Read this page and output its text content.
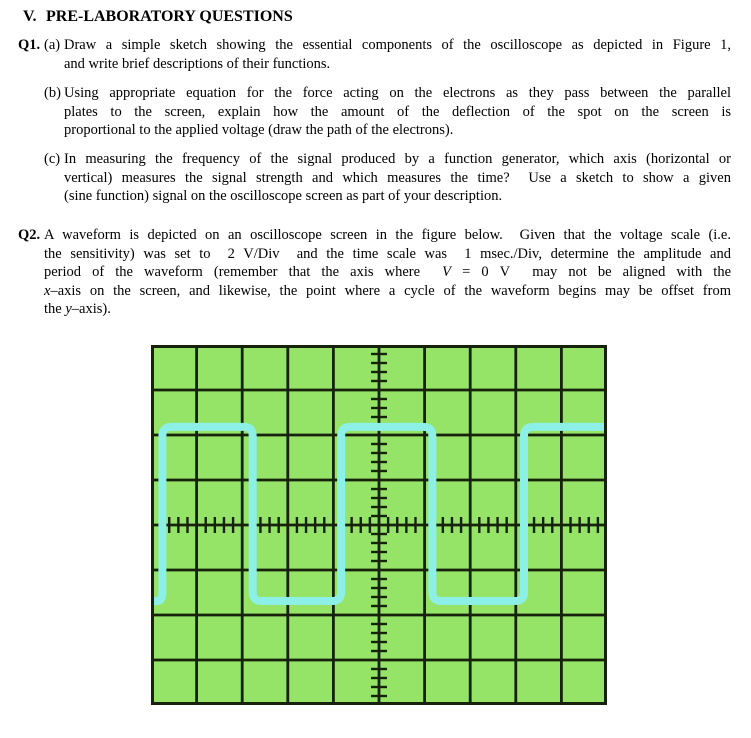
V. PRE-LABORATORY QUESTIONS
Q1. (a) Draw a simple sketch showing the essential components of the oscilloscope as depicted in Figure 1,
and write brief descriptions of their functions.
(b) Using appropriate equation for the force acting on the electrons as they pass between the parallel
plates to the screen, explain how the amount of the deflection of the spot on the screen is
proportional to the applied voltage (draw the path of the electrons).
(c) In measuring the frequency of the signal produced by a function generator, which axis (horizontal or
vertical) measures the signal strength and which measures the time?  Use a sketch to show a given
(sine function) signal on the oscilloscope screen as part of your description.
Q2. A waveform is depicted on an oscilloscope screen in the figure below.  Given that the voltage scale (i.e.
the sensitivity) was set to  2 V/Div  and the time scale was  1 msec./Div, determine the amplitude and
period of the waveform (remember that the axis where  V = 0 V  may not be aligned with the
x–axis on the screen, and likewise, the point where a cycle of the waveform begins may be offset from
the y–axis).
